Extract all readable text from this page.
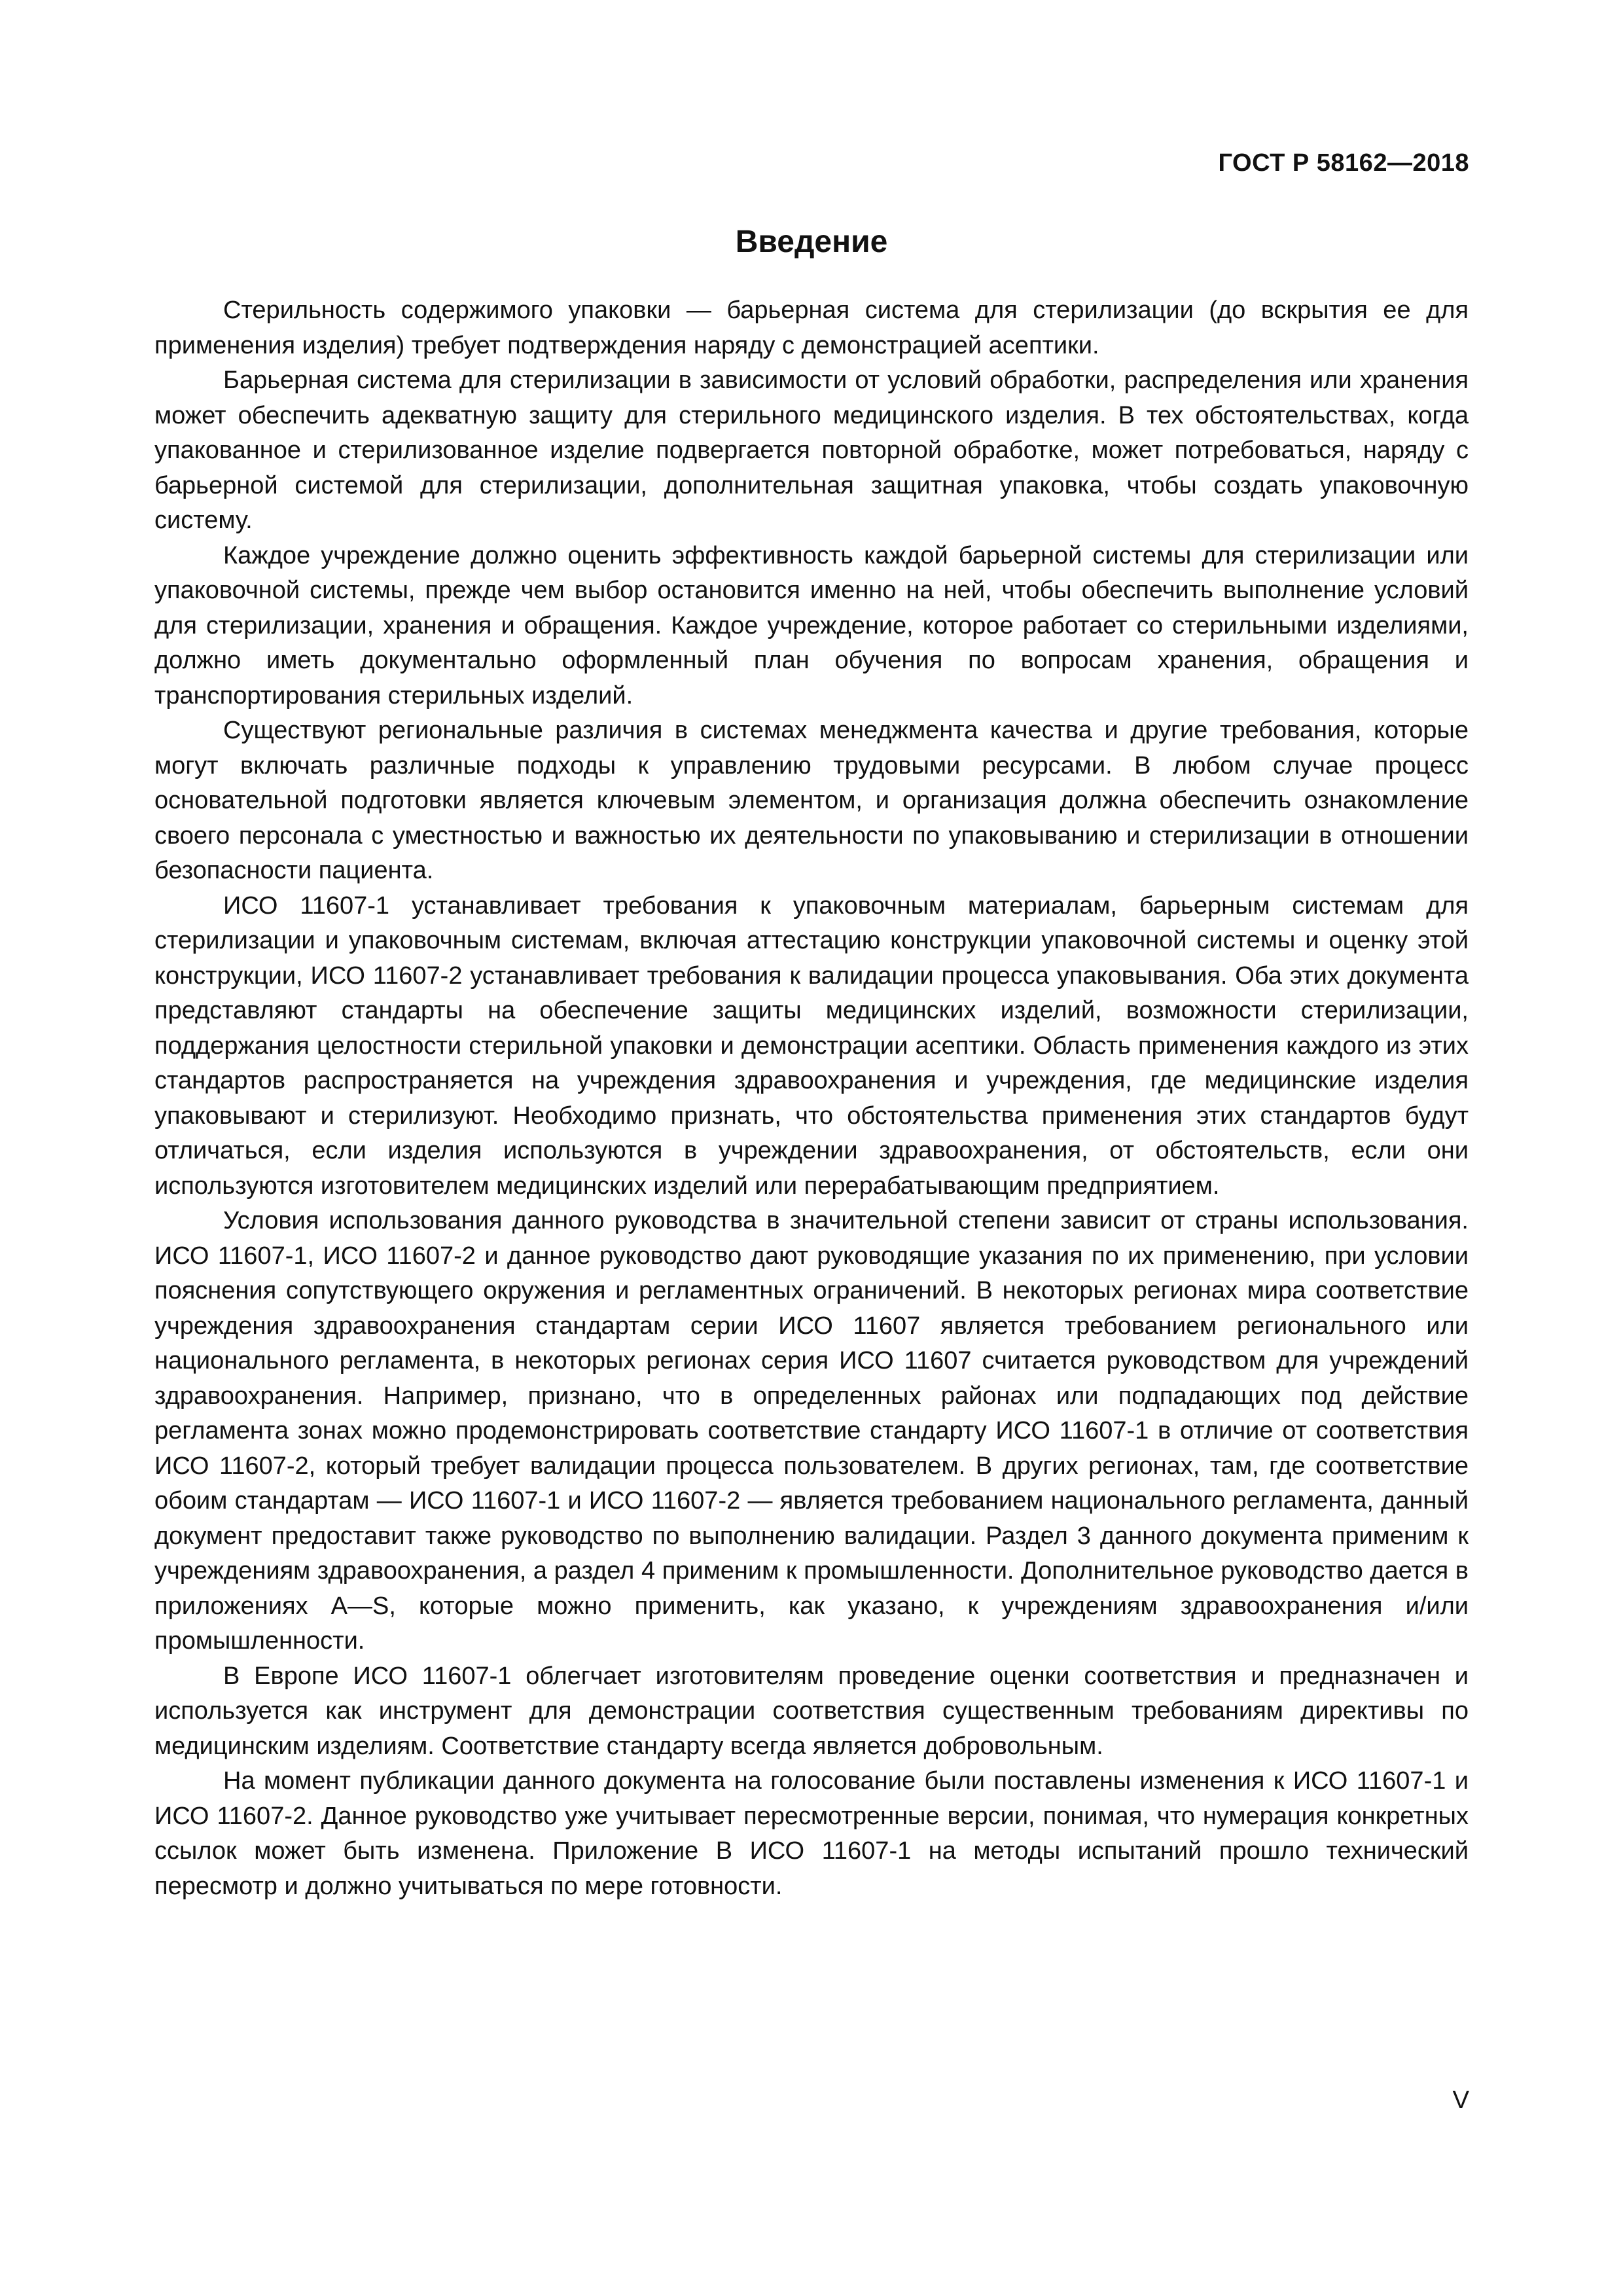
ГОСТ Р 58162—2018

Введение

Стерильность содержимого упаковки — барьерная система для стерилизации (до вскрытия ее для применения изделия) требует подтверждения наряду с демонстрацией асептики.

Барьерная система для стерилизации в зависимости от условий обработки, распределения или хранения может обеспечить адекватную защиту для стерильного медицинского изделия. В тех обстоятельствах, когда упакованное и стерилизованное изделие подвергается повторной обработке, может потребоваться, наряду с барьерной системой для стерилизации, дополнительная защитная упаковка, чтобы создать упаковочную систему.

Каждое учреждение должно оценить эффективность каждой барьерной системы для стерилизации или упаковочной системы, прежде чем выбор остановится именно на ней, чтобы обеспечить выполнение условий для стерилизации, хранения и обращения. Каждое учреждение, которое работает со стерильными изделиями, должно иметь документально оформленный план обучения по вопросам хранения, обращения и транспортирования стерильных изделий.

Существуют региональные различия в системах менеджмента качества и другие требования, которые могут включать различные подходы к управлению трудовыми ресурсами. В любом случае процесс основательной подготовки является ключевым элементом, и организация должна обеспечить ознакомление своего персонала с уместностью и важностью их деятельности по упаковыванию и стерилизации в отношении безопасности пациента.

ИСО 11607-1 устанавливает требования к упаковочным материалам, барьерным системам для стерилизации и упаковочным системам, включая аттестацию конструкции упаковочной системы и оценку этой конструкции, ИСО 11607-2 устанавливает требования к валидации процесса упаковывания. Оба этих документа представляют стандарты на обеспечение защиты медицинских изделий, возможности стерилизации, поддержания целостности стерильной упаковки и демонстрации асептики. Область применения каждого из этих стандартов распространяется на учреждения здравоохранения и учреждения, где медицинские изделия упаковывают и стерилизуют. Необходимо признать, что обстоятельства применения этих стандартов будут отличаться, если изделия используются в учреждении здравоохранения, от обстоятельств, если они используются изготовителем медицинских изделий или перерабатывающим предприятием.

Условия использования данного руководства в значительной степени зависит от страны использования. ИСО 11607-1, ИСО 11607-2 и данное руководство дают руководящие указания по их применению, при условии пояснения сопутствующего окружения и регламентных ограничений. В некоторых регионах мира соответствие учреждения здравоохранения стандартам серии ИСО 11607 является требованием регионального или национального регламента, в некоторых регионах серия ИСО 11607 считается руководством для учреждений здравоохранения. Например, признано, что в определенных районах или подпадающих под действие регламента зонах можно продемонстрировать соответствие стандарту ИСО 11607-1 в отличие от соответствия ИСО 11607-2, который требует валидации процесса пользователем. В других регионах, там, где соответствие обоим стандартам — ИСО 11607-1 и ИСО 11607-2 — является требованием национального регламента, данный документ предоставит также руководство по выполнению валидации. Раздел 3 данного документа применим к учреждениям здравоохранения, а раздел 4 применим к промышленности. Дополнительное руководство дается в приложениях А—S, которые можно применить, как указано, к учреждениям здравоохранения и/или промышленности.

В Европе ИСО 11607-1 облегчает изготовителям проведение оценки соответствия и предназначен и используется как инструмент для демонстрации соответствия существенным требованиям директивы по медицинским изделиям. Соответствие стандарту всегда является добровольным.

На момент публикации данного документа на голосование были поставлены изменения к ИСО 11607-1 и ИСО 11607-2. Данное руководство уже учитывает пересмотренные версии, понимая, что нумерация конкретных ссылок может быть изменена. Приложение В ИСО 11607-1 на методы испытаний прошло технический пересмотр и должно учитываться по мере готовности.

V
